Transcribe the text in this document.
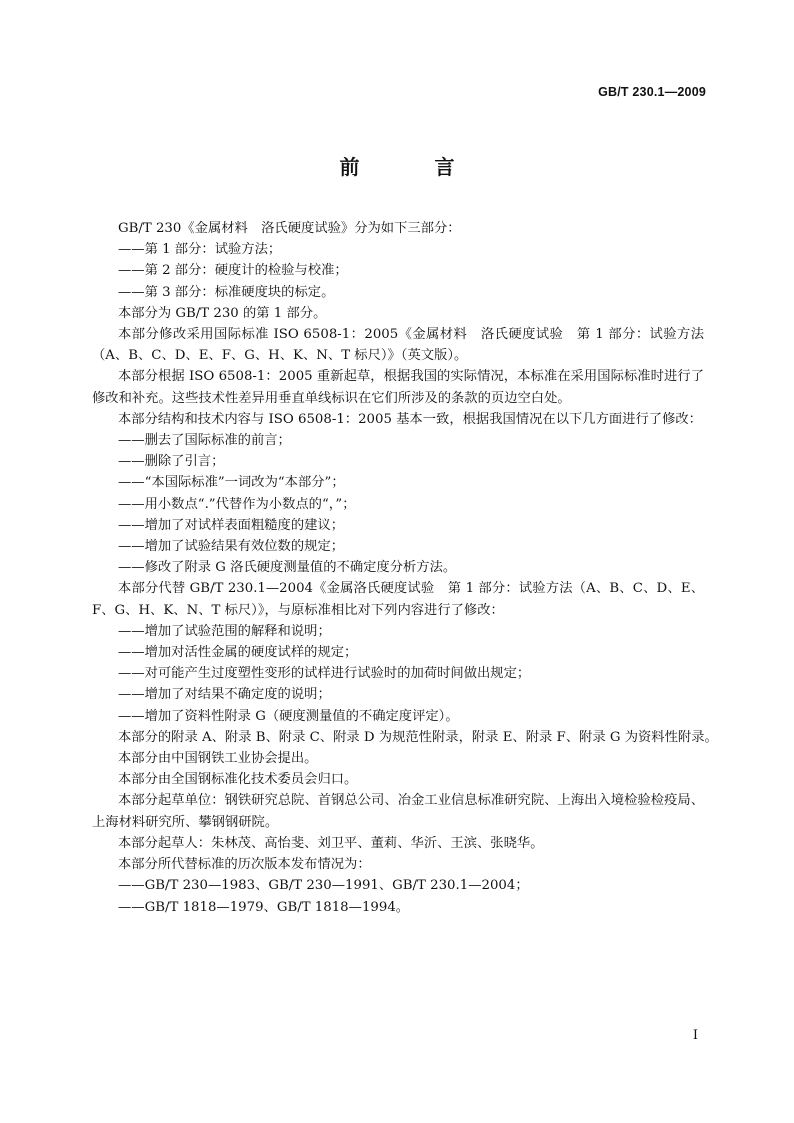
GB/T 230.1—2009
前 言

GB/T 230《金属材料　洛氏硬度试验》分为如下三部分：

——第 1 部分：试验方法；

——第 2 部分：硬度计的检验与校准；

——第 3 部分：标准硬度块的标定。

本部分为 GB/T 230 的第 1 部分。

本部分修改采用国际标准 ISO 6508-1：2005《金属材料　洛氏硬度试验　第 1 部分：试验方法（A、B、C、D、E、F、G、H、K、N、T 标尺）》（英文版）。

本部分根据 ISO 6508-1：2005 重新起草，根据我国的实际情况，本标准在采用国际标准时进行了修改和补充。这些技术性差异用垂直单线标识在它们所涉及的条款的页边空白处。

本部分结构和技术内容与 ISO 6508-1：2005 基本一致，根据我国情况在以下几方面进行了修改：

——删去了国际标准的前言；

——删除了引言；

——“本国际标准”一词改为“本部分”；

——用小数点“.”代替作为小数点的“，”；

——增加了对试样表面粗糙度的建议；

——增加了试验结果有效位数的规定；

——修改了附录 G 洛氏硬度测量值的不确定度分析方法。

本部分代替 GB/T 230.1—2004《金属洛氏硬度试验　第 1 部分：试验方法（A、B、C、D、E、F、G、H、K、N、T 标尺）》，与原标准相比对下列内容进行了修改：

——增加了试验范围的解释和说明；

——增加对活性金属的硬度试样的规定；

——对可能产生过度塑性变形的试样进行试验时的加荷时间做出规定；

——增加了对结果不确定度的说明；

——增加了资料性附录 G（硬度测量值的不确定度评定）。

本部分的附录 A、附录 B、附录 C、附录 D 为规范性附录，附录 E、附录 F、附录 G 为资料性附录。

本部分由中国钢铁工业协会提出。

本部分由全国钢标准化技术委员会归口。

本部分起草单位：钢铁研究总院、首钢总公司、冶金工业信息标准研究院、上海出入境检验检疫局、上海材料研究所、攀钢钢研院。

本部分起草人：朱林茂、高怡斐、刘卫平、董莉、华沂、王滨、张晓华。

本部分所代替标准的历次版本发布情况为：

——GB/T 230—1983、GB/T 230—1991、GB/T 230.1—2004；

——GB/T 1818—1979、GB/T 1818—1994。

I
